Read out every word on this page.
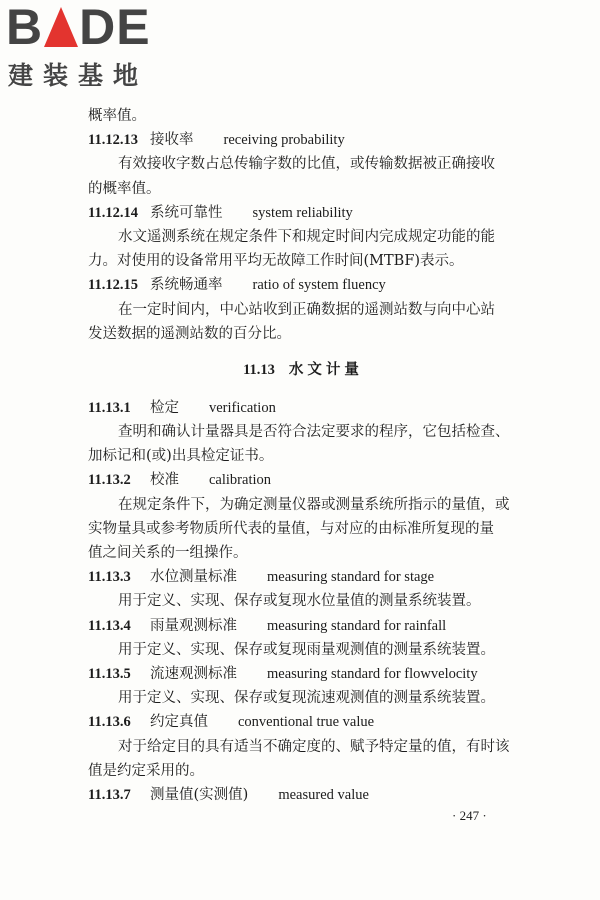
B DE
建装基地
概率值。
11.12.13 接收率 receiving probability
有效接收字数占总传输字数的比值，或传输数据被正确接收
的概率值。
11.12.14 系统可靠性 system reliability
水文遥测系统在规定条件下和规定时间内完成规定功能的能
力。对使用的设备常用平均无故障工作时间(MTBF)表示。
11.12.15 系统畅通率 ratio of system fluency
在一定时间内，中心站收到正确数据的遥测站数与向中心站
发送数据的遥测站数的百分比。
11.13 水文计量
11.13.1 检定 verification
查明和确认计量器具是否符合法定要求的程序，它包括检查、
加标记和(或)出具检定证书。
11.13.2 校准 calibration
在规定条件下，为确定测量仪器或测量系统所指示的量值，或
实物量具或参考物质所代表的量值，与对应的由标准所复现的量
值之间关系的一组操作。
11.13.3 水位测量标准 measuring standard for stage
用于定义、实现、保存或复现水位量值的测量系统装置。
11.13.4 雨量观测标准 measuring standard for rainfall
用于定义、实现、保存或复现雨量观测值的测量系统装置。
11.13.5 流速观测标准 measuring standard for flowvelocity
用于定义、实现、保存或复现流速观测值的测量系统装置。
11.13.6 约定真值 conventional true value
对于给定目的具有适当不确定度的、赋予特定量的值，有时该
值是约定采用的。
11.13.7 测量值(实测值) measured value
· 247 ·
